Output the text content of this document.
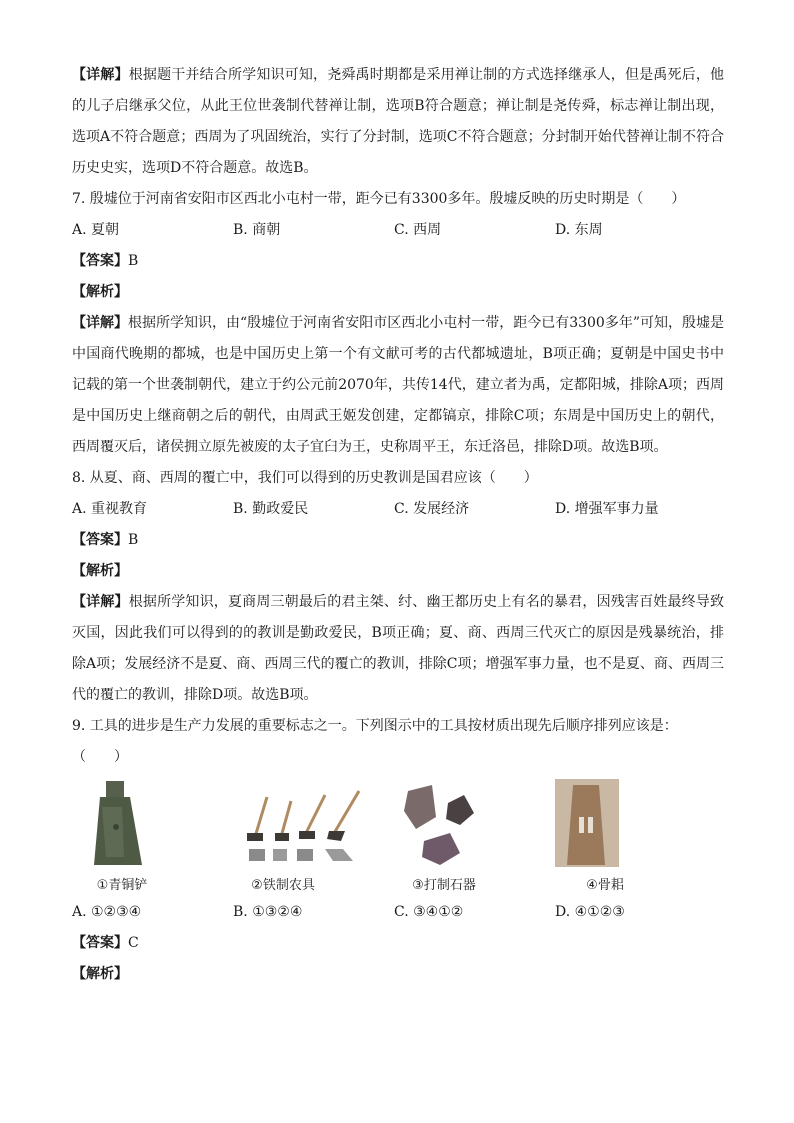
【详解】根据题干并结合所学知识可知，尧舜禹时期都是采用禅让制的方式选择继承人，但是禹死后，他的儿子启继承父位，从此王位世袭制代替禅让制，选项B符合题意；禅让制是尧传舜，标志禅让制出现，选项A不符合题意；西周为了巩固统治，实行了分封制，选项C不符合题意；分封制开始代替禅让制不符合历史史实，选项D不符合题意。故选B。

7. 殷墟位于河南省安阳市区西北小屯村一带，距今已有3300多年。殷墟反映的历史时期是（　　）

A. 夏朝	B. 商朝	C. 西周	D. 东周

【答案】B

【解析】

【详解】根据所学知识，由“殷墟位于河南省安阳市区西北小屯村一带，距今已有3300多年”可知，殷墟是中国商代晚期的都城，也是中国历史上第一个有文献可考的古代都城遗址，B项正确；夏朝是中国史书中记载的第一个世袭制朝代，建立于约公元前2070年，共传14代，建立者为禹，定都阳城，排除A项；西周是中国历史上继商朝之后的朝代，由周武王姬发创建，定都镐京，排除C项；东周是中国历史上的朝代，西周覆灭后，诸侯拥立原先被废的太子宜臼为王，史称周平王，东迁洛邑，排除D项。故选B项。

8. 从夏、商、西周的覆亡中，我们可以得到的历史教训是国君应该（　　）

A. 重视教育	B. 勤政爱民	C. 发展经济	D. 增强军事力量

【答案】B

【解析】

【详解】根据所学知识，夏商周三朝最后的君主桀、纣、幽王都历史上有名的暴君，因残害百姓最终导致灭国，因此我们可以得到的的教训是勤政爱民，B项正确；夏、商、西周三代灭亡的原因是残暴统治，排除A项；发展经济不是夏、商、西周三代的覆亡的教训，排除C项；增强军事力量，也不是夏、商、西周三代的覆亡的教训，排除D项。故选B项。

9. 工具的进步是生产力发展的重要标志之一。下列图示中的工具按材质出现先后顺序排列应该是：

（　　）

①青铜铲	②铁制农具	③打制石器	④骨耜
A. ①②③④	B. ①③②④	C. ③④①②	D. ④①②③

【答案】C

【解析】
